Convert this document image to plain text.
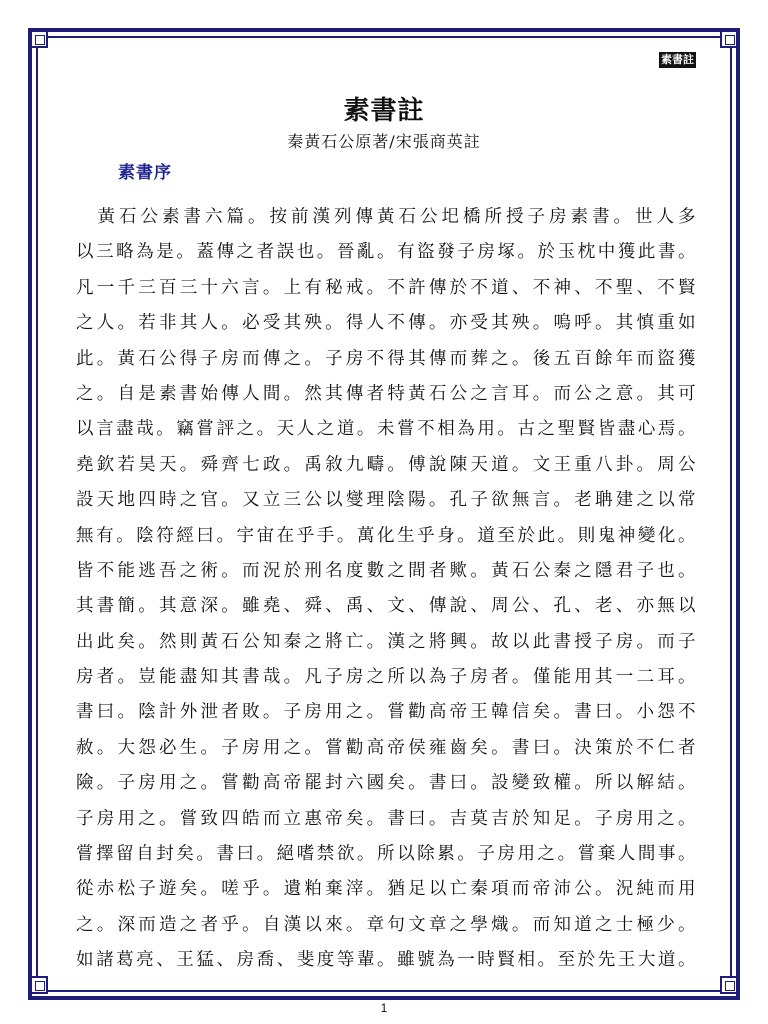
素書註
素書註
秦黃石公原著/宋張商英註
素書序
　黃石公素書六篇。按前漢列傳黃石公圯橋所授子房素書。世人多
以三略為是。蓋傳之者誤也。晉亂。有盜發子房塚。於玉枕中獲此書。
凡一千三百三十六言。上有秘戒。不許傳於不道、不神、不聖、不賢
之人。若非其人。必受其殃。得人不傳。亦受其殃。嗚呼。其慎重如
此。黃石公得子房而傳之。子房不得其傳而葬之。後五百餘年而盜獲
之。自是素書始傳人間。然其傳者特黃石公之言耳。而公之意。其可
以言盡哉。竊嘗評之。天人之道。未嘗不相為用。古之聖賢皆盡心焉。
堯欽若昊天。舜齊七政。禹敘九疇。傅說陳天道。文王重八卦。周公
設天地四時之官。又立三公以燮理陰陽。孔子欲無言。老聃建之以常
無有。陰符經曰。宇宙在乎手。萬化生乎身。道至於此。則鬼神變化。
皆不能逃吾之術。而況於刑名度數之間者歟。黃石公秦之隱君子也。
其書簡。其意深。雖堯、舜、禹、文、傳說、周公、孔、老、亦無以
出此矣。然則黃石公知秦之將亡。漢之將興。故以此書授子房。而子
房者。豈能盡知其書哉。凡子房之所以為子房者。僅能用其一二耳。
書曰。陰計外泄者敗。子房用之。嘗勸高帝王韓信矣。書曰。小怨不
赦。大怨必生。子房用之。嘗勸高帝侯雍齒矣。書曰。決策於不仁者
險。子房用之。嘗勸高帝罷封六國矣。書曰。設變致權。所以解結。
子房用之。嘗致四皓而立惠帝矣。書曰。吉莫吉於知足。子房用之。
嘗擇留自封矣。書曰。絕嗜禁欲。所以除累。子房用之。嘗棄人間事。
從赤松子遊矣。嗟乎。遺粕棄滓。猶足以亡秦項而帝沛公。況純而用
之。深而造之者乎。自漢以來。章句文章之學熾。而知道之士極少。
如諸葛亮、王猛、房喬、斐度等輩。雖號為一時賢相。至於先王大道。
1
